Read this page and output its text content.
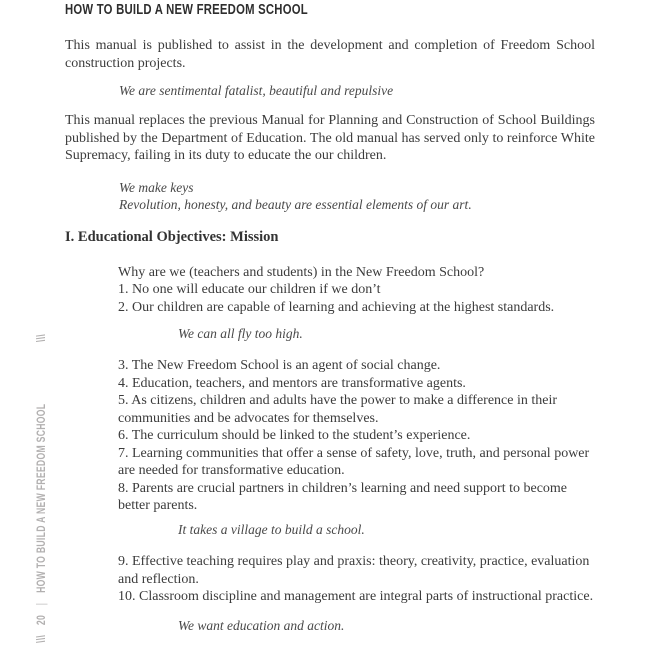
\\\
20
|
HOW TO BUILD A NEW FREEDOM SCHOOL
\\\
HOW TO BUILD A NEW FREEDOM SCHOOL
This manual is published to assist in the development and completion of Freedom School
construction projects.
We are sentimental fatalist, beautiful and repulsive
This manual replaces the previous Manual for Planning and Construction of School Buildings
published by the Department of Education. The old manual has served only to reinforce White
Supremacy, failing in its duty to educate the our children.
We make keys
Revolution, honesty, and beauty are essential elements of our art.
I. Educational Objectives: Mission
Why are we (teachers and students) in the New Freedom School?
1. No one will educate our children if we don’t
2. Our children are capable of learning and achieving at the highest standards.
We can all fly too high.
3. The New Freedom School is an agent of social change.
4. Education, teachers, and mentors are transformative agents.
5. As citizens, children and adults have the power to make a difference in their
communities and be advocates for themselves.
6. The curriculum should be linked to the student’s experience.
7. Learning communities that offer a sense of safety, love, truth, and personal power
are needed for transformative education.
8. Parents are crucial partners in children’s learning and need support to become
better parents.
It takes a village to build a school.
9. Effective teaching requires play and praxis: theory, creativity, practice, evaluation
and reflection.
10. Classroom discipline and management are integral parts of instructional practice.
We want education and action.
